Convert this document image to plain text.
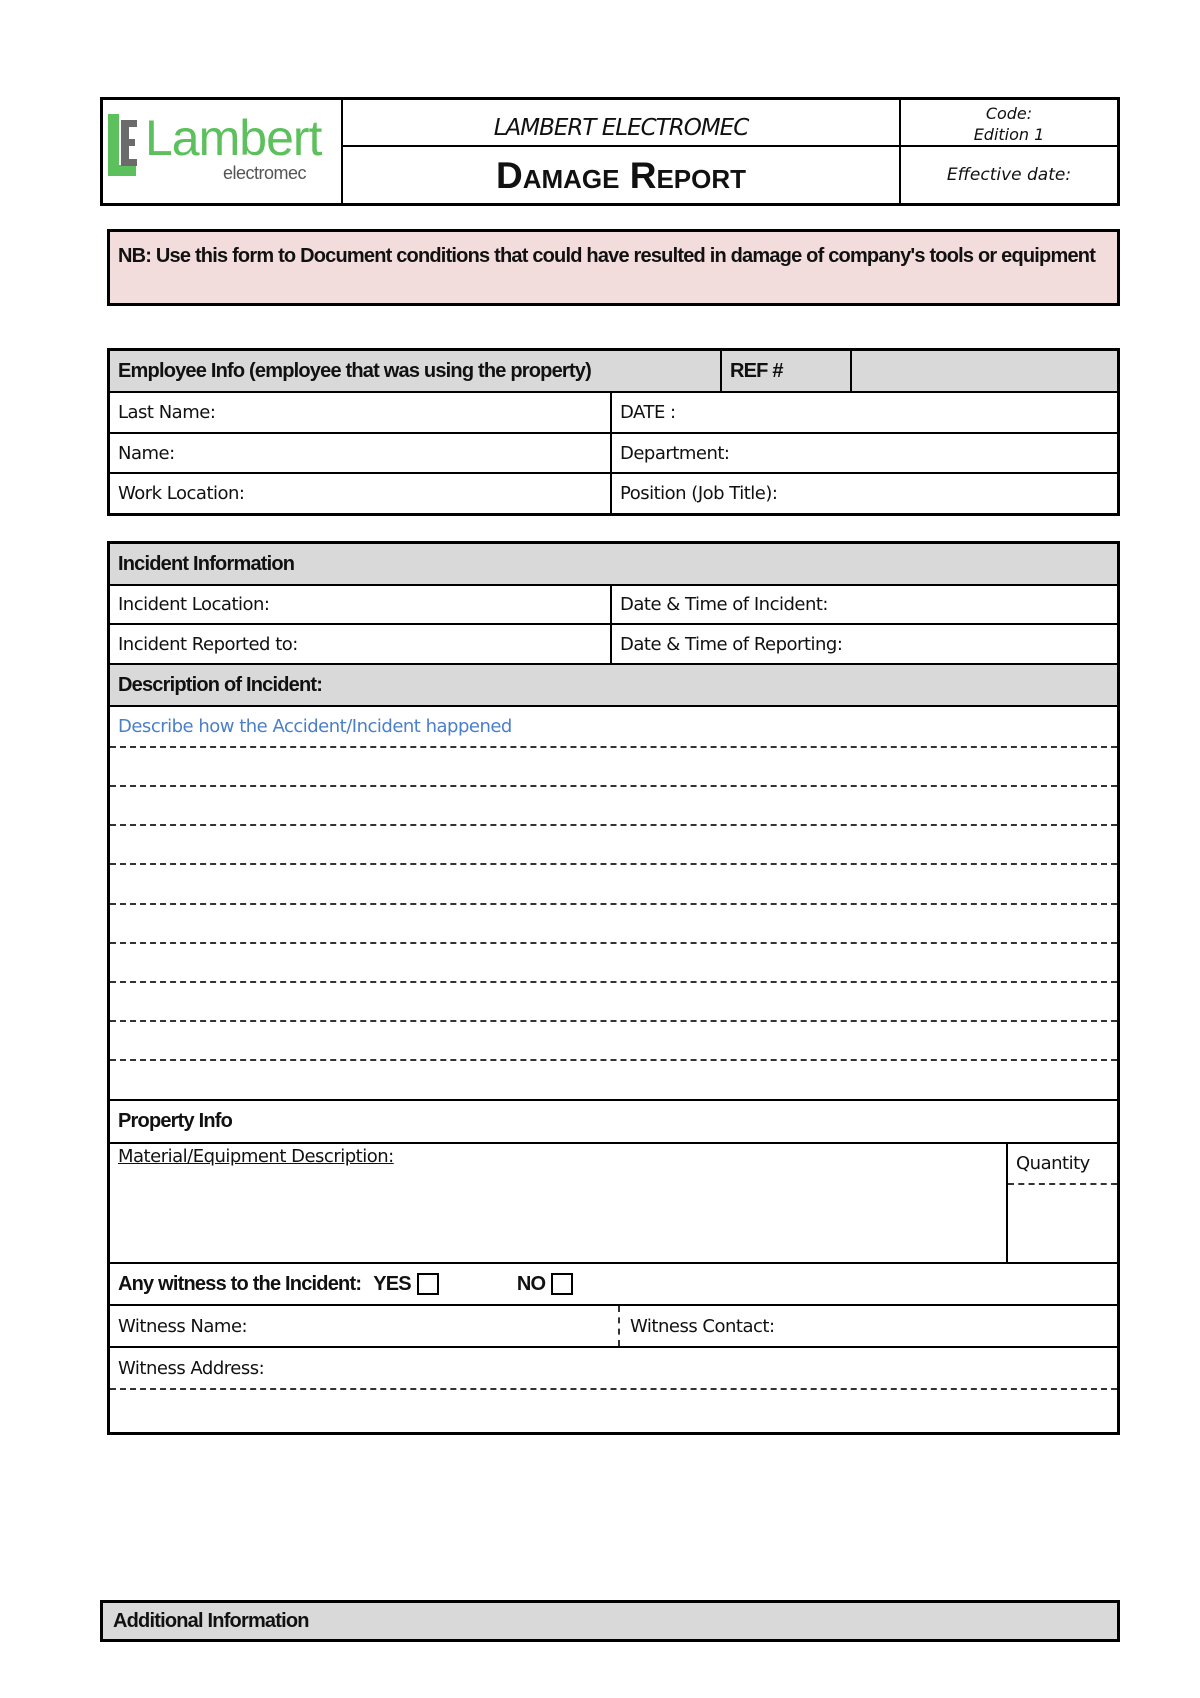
Lambert
electromec
LAMBERT ELECTROMEC
Damage Report
Code:
Edition 1
Effective date:
NB: Use this form to Document conditions that could have resulted in damage of company's tools or equipment
Employee Info (employee that was using the property)	REF #
Last Name:	DATE :
Name:	Department:
Work Location:	Position (Job Title):
Incident Information
Incident Location:	Date & Time of Incident:
Incident Reported to:	Date & Time of Reporting:
Description of Incident:
Describe how the Accident/Incident happened
Property Info
Material/Equipment Description:	Quantity
Any witness to the Incident: YES	NO
Witness Name:	Witness Contact:
Witness Address:
Additional Information
